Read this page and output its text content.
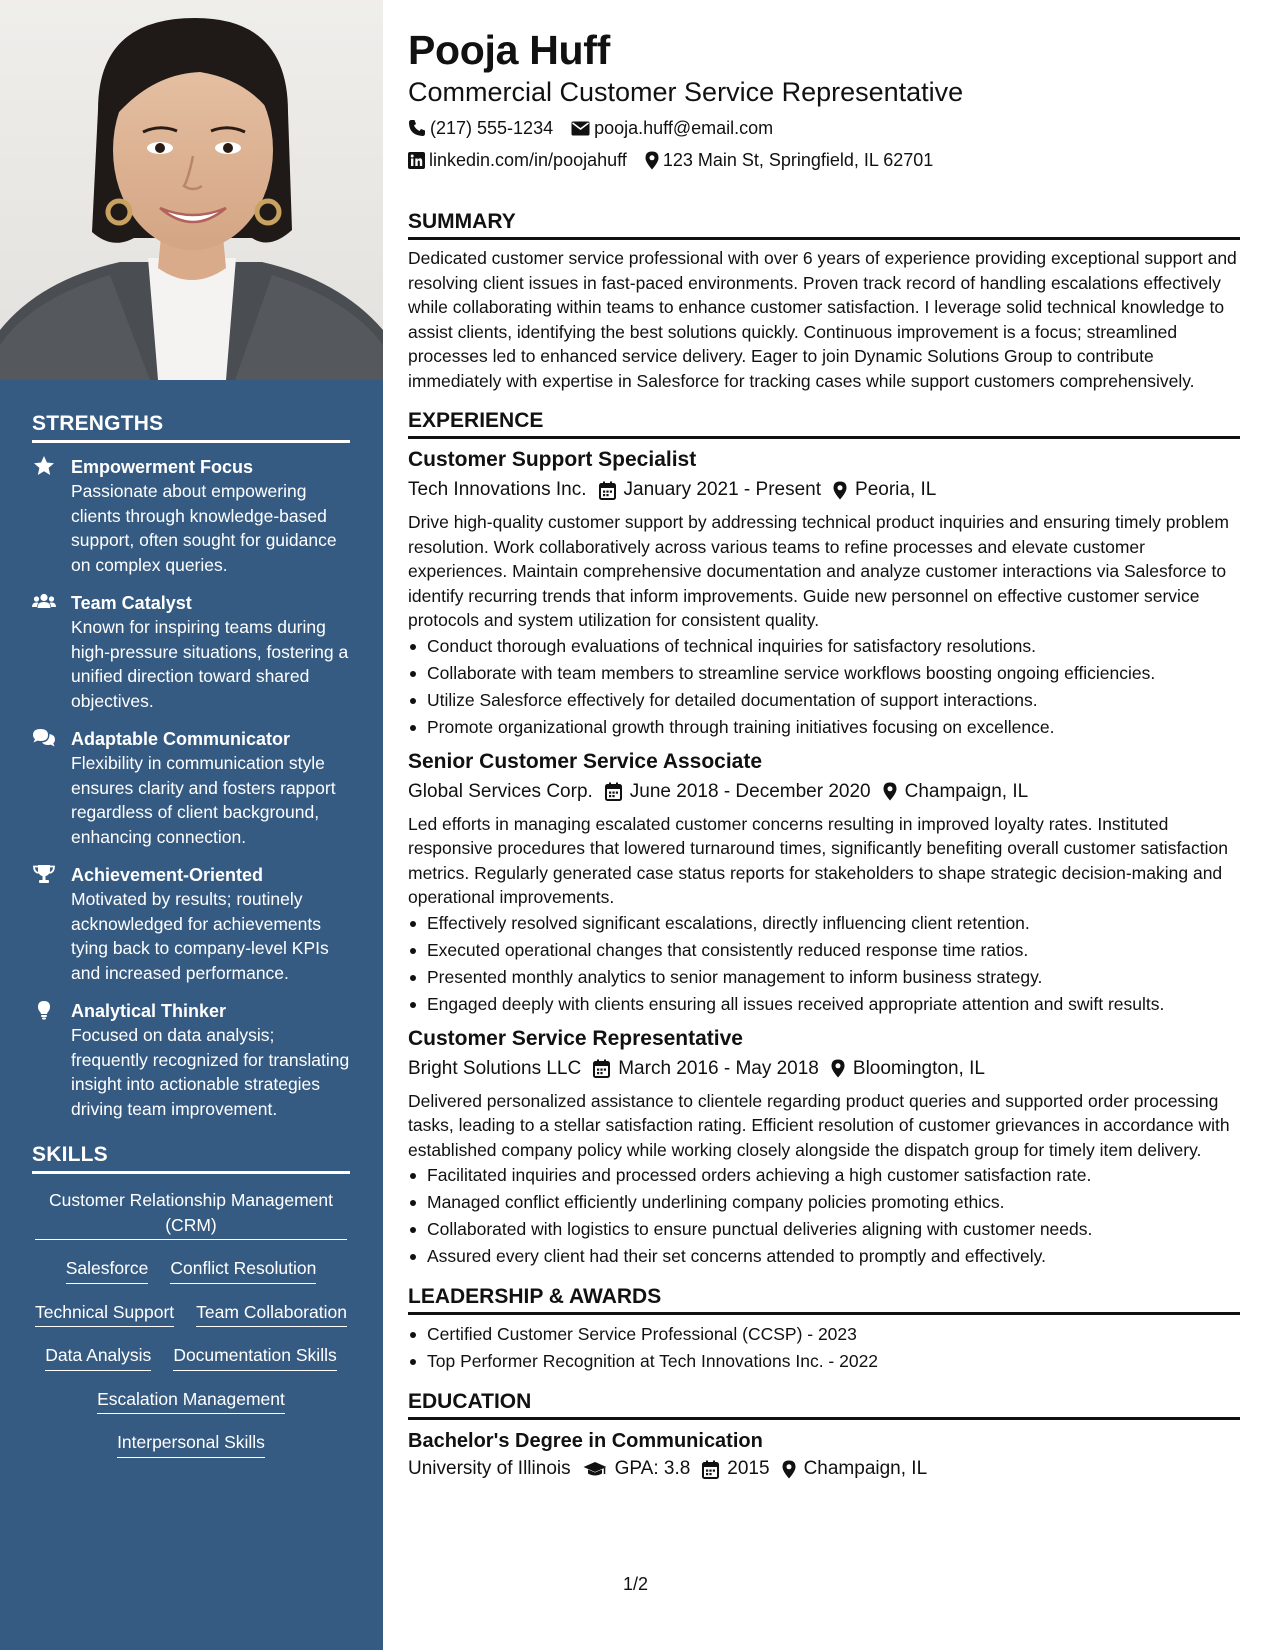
STRENGTHS
Empowerment Focus
Passionate about empowering clients through knowledge-based support, often sought for guidance on complex queries.
Team Catalyst
Known for inspiring teams during high-pressure situations, fostering a unified direction toward shared objectives.
Adaptable Communicator
Flexibility in communication style ensures clarity and fosters rapport regardless of client background, enhancing connection.
Achievement-Oriented
Motivated by results; routinely acknowledged for achievements tying back to company-level KPIs and increased performance.
Analytical Thinker
Focused on data analysis; frequently recognized for translating insight into actionable strategies driving team improvement.
SKILLS
Customer Relationship Management (CRM)
Salesforce Conflict Resolution
Technical Support Team Collaboration
Data Analysis Documentation Skills
Escalation Management
Interpersonal Skills
Pooja Huff
Commercial Customer Service Representative
(217) 555-1234 pooja.huff@email.com
linkedin.com/in/poojahuff 123 Main St, Springfield, IL 62701
SUMMARY
Dedicated customer service professional with over 6 years of experience providing exceptional support and resolving client issues in fast-paced environments. Proven track record of handling escalations effectively while collaborating within teams to enhance customer satisfaction. I leverage solid technical knowledge to assist clients, identifying the best solutions quickly. Continuous improvement is a focus; streamlined processes led to enhanced service delivery. Eager to join Dynamic Solutions Group to contribute immediately with expertise in Salesforce for tracking cases while support customers comprehensively.
EXPERIENCE
Customer Support Specialist
Tech Innovations Inc. January 2021 - Present Peoria, IL
Drive high-quality customer support by addressing technical product inquiries and ensuring timely problem resolution. Work collaboratively across various teams to refine processes and elevate customer experiences. Maintain comprehensive documentation and analyze customer interactions via Salesforce to identify recurring trends that inform improvements. Guide new personnel on effective customer service protocols and system utilization for consistent quality.
Conduct thorough evaluations of technical inquiries for satisfactory resolutions.
Collaborate with team members to streamline service workflows boosting ongoing efficiencies.
Utilize Salesforce effectively for detailed documentation of support interactions.
Promote organizational growth through training initiatives focusing on excellence.
Senior Customer Service Associate
Global Services Corp. June 2018 - December 2020 Champaign, IL
Led efforts in managing escalated customer concerns resulting in improved loyalty rates. Instituted responsive procedures that lowered turnaround times, significantly benefiting overall customer satisfaction metrics. Regularly generated case status reports for stakeholders to shape strategic decision-making and operational improvements.
Effectively resolved significant escalations, directly influencing client retention.
Executed operational changes that consistently reduced response time ratios.
Presented monthly analytics to senior management to inform business strategy.
Engaged deeply with clients ensuring all issues received appropriate attention and swift results.
Customer Service Representative
Bright Solutions LLC March 2016 - May 2018 Bloomington, IL
Delivered personalized assistance to clientele regarding product queries and supported order processing tasks, leading to a stellar satisfaction rating. Efficient resolution of customer grievances in accordance with established company policy while working closely alongside the dispatch group for timely item delivery.
Facilitated inquiries and processed orders achieving a high customer satisfaction rate.
Managed conflict efficiently underlining company policies promoting ethics.
Collaborated with logistics to ensure punctual deliveries aligning with customer needs.
Assured every client had their set concerns attended to promptly and effectively.
LEADERSHIP & AWARDS
Certified Customer Service Professional (CCSP) - 2023
Top Performer Recognition at Tech Innovations Inc. - 2022
EDUCATION
Bachelor's Degree in Communication
University of Illinois GPA: 3.8 2015 Champaign, IL
1/2
